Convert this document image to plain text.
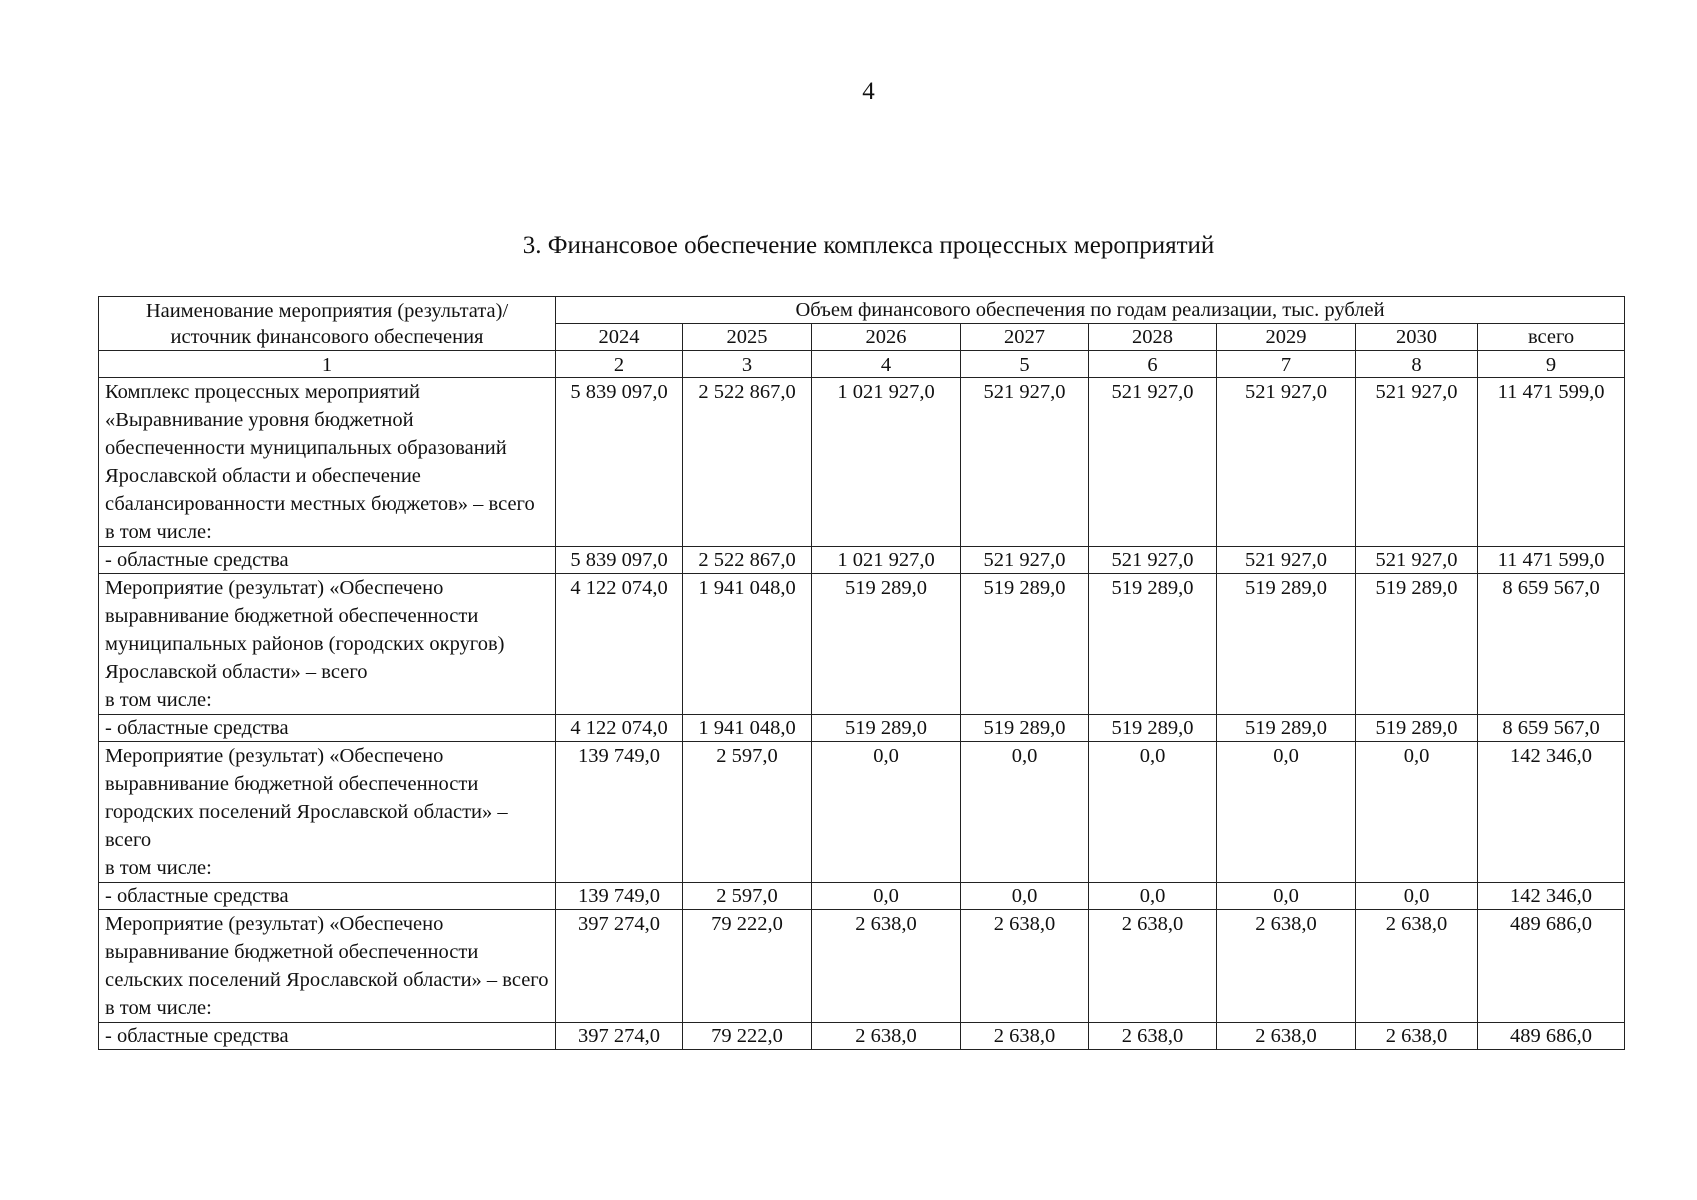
4
3. Финансовое обеспечение комплекса процессных мероприятий
Наименование мероприятия (результата)/ источник финансового обеспечения	Объем финансового обеспечения по годам реализации, тыс. рублей							
	2024	2025	2026	2027	2028	2029	2030	всего
1	2	3	4	5	6	7	8	9

Комплекс процессных мероприятий «Выравнивание уровня бюджетной обеспеченности муниципальных образований Ярославской области и обеспечение сбалансированности местных бюджетов» – всего
в том числе:	5 839 097,0	2 522 867,0	1 021 927,0	521 927,0	521 927,0	521 927,0	521 927,0	11 471 599,0

- областные средства	5 839 097,0	2 522 867,0	1 021 927,0	521 927,0	521 927,0	521 927,0	521 927,0	11 471 599,0

Мероприятие (результат) «Обеспечено выравнивание бюджетной обеспеченности муниципальных районов (городских округов) Ярославской области» – всего
в том числе:	4 122 074,0	1 941 048,0	519 289,0	519 289,0	519 289,0	519 289,0	519 289,0	8 659 567,0

- областные средства	4 122 074,0	1 941 048,0	519 289,0	519 289,0	519 289,0	519 289,0	519 289,0	8 659 567,0

Мероприятие (результат) «Обеспечено выравнивание бюджетной обеспеченности городских поселений Ярославской области» – всего
в том числе:	139 749,0	2 597,0	0,0	0,0	0,0	0,0	0,0	142 346,0

- областные средства	139 749,0	2 597,0	0,0	0,0	0,0	0,0	0,0	142 346,0

Мероприятие (результат) «Обеспечено выравнивание бюджетной обеспеченности сельских поселений Ярославской области» – всего
в том числе:	397 274,0	79 222,0	2 638,0	2 638,0	2 638,0	2 638,0	2 638,0	489 686,0

- областные средства	397 274,0	79 222,0	2 638,0	2 638,0	2 638,0	2 638,0	2 638,0	489 686,0
